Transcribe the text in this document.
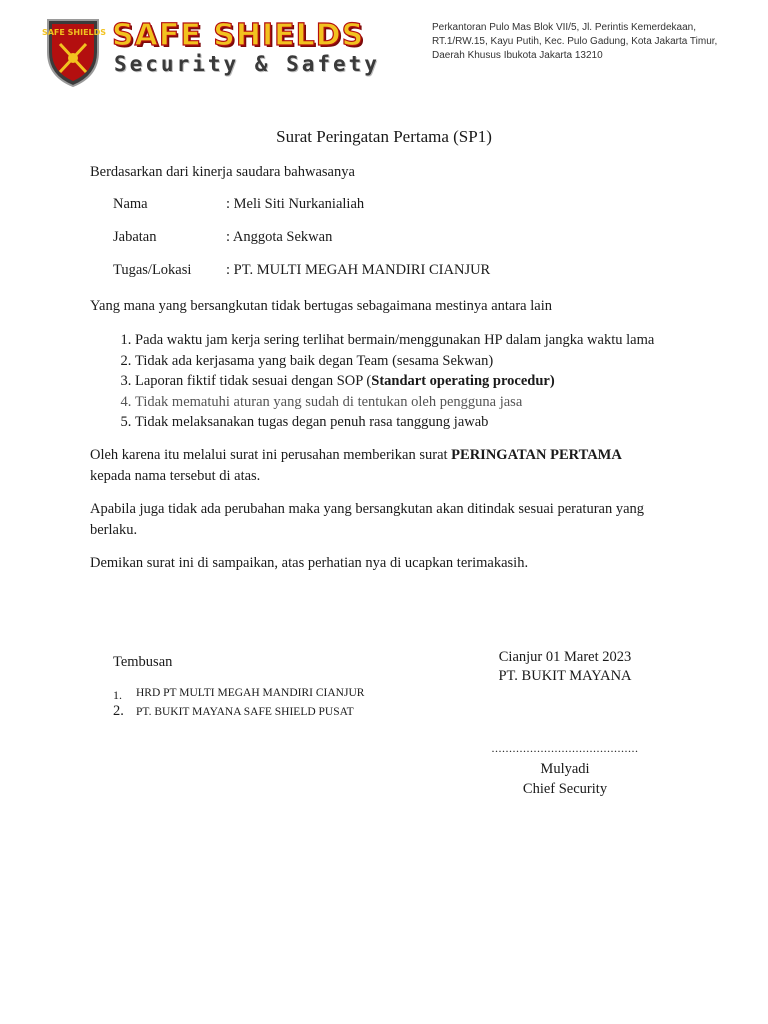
SAFE SHIELDS SAFE SHIELDS
Security & Safety
Perkantoran Pulo Mas Blok VII/5, Jl. Perintis Kemerdekaan,
RT.1/RW.15, Kayu Putih, Kec. Pulo Gadung, Kota Jakarta Timur,
Daerah Khusus Ibukota Jakarta 13210
Surat Peringatan Pertama (SP1)
Berdasarkan dari kinerja saudara bahwasanya
Nama	: Meli Siti Nurkanialiah
Jabatan	: Anggota Sekwan
Tugas/Lokasi : PT. MULTI MEGAH MANDIRI CIANJUR
Yang mana yang bersangkutan tidak bertugas sebagaimana mestinya antara lain
1. Pada waktu jam kerja sering terlihat bermain/menggunakan HP dalam jangka waktu lama
2. Tidak ada kerjasama yang baik degan Team (sesama Sekwan)
3. Laporan fiktif tidak sesuai dengan SOP (Standart operating procedur)
4. Tidak mematuhi aturan yang sudah di tentukan oleh pengguna jasa
5. Tidak melaksanakan tugas degan penuh rasa tanggung jawab
Oleh karena itu melalui surat ini perusahan memberikan surat PERINGATAN PERTAMA
kepada nama tersebut di atas.
Apabila juga tidak ada perubahan maka yang bersangkutan akan ditindak sesuai peraturan yang berlaku.
Demikan surat ini di sampaikan, atas perhatian nya di ucapkan terimakasih.
Tembusan
1. HRD PT MULTI MEGAH MANDIRI CIANJUR
2. PT. BUKIT MAYANA SAFE SHIELD PUSAT
Cianjur 01 Maret 2023
PT. BUKIT MAYANA
..........................................
Mulyadi
Chief Security
